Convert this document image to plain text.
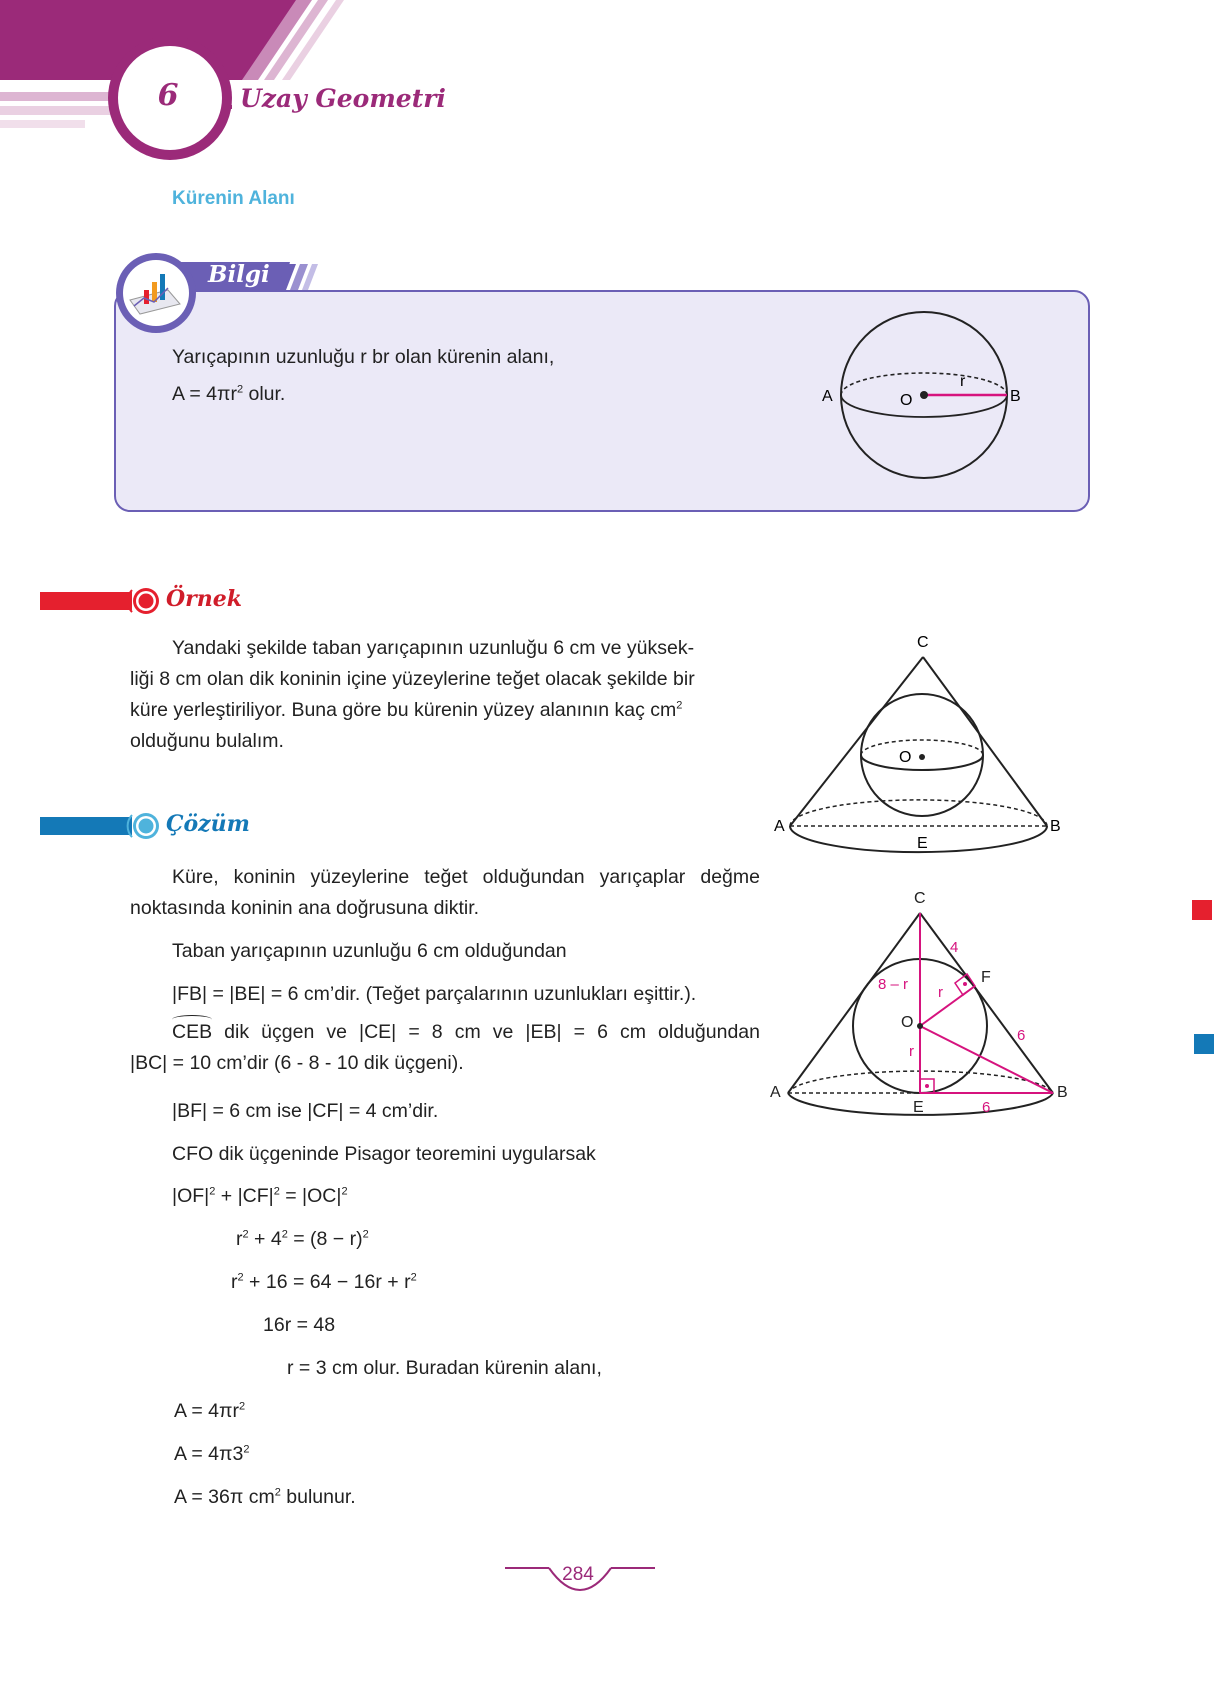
6	Uzay Geometri
Kürenin Alanı
Bilgi
Yarıçapının uzunluğu r br olan kürenin alanı,
$A = 4\pi r^2$ olur.	A	O
r
B
Örnek
Yandaki şekilde taban yarıçapının uzunluğu 6 cm ve yüksek-
liği 8 cm olan dik koninin içine yüzeylerine teğet olacak şekilde bir
küre yerleştiriliyor. Buna göre bu kürenin yüzey alanının kaç $cm^2$
olduğunu bulalım.
C
O
A
E
B
Çözüm
Küre, koninin yüzeylerine teğet olduğundan yarıçaplar değme
noktasında koninin ana doğrusuna diktir.
Taban yarıçapının uzunluğu 6 cm olduğundan
|FB| = |BE| = 6 cm’dir. (Teğet parçalarının uzunlukları eşittir.).
CEB dik üçgen ve |CE| = 8 cm ve |EB| = 6 cm olduğundan
|BC| = 10 cm’dir (6 - 8 - 10 dik üçgeni).
|BF| = 6 cm ise |CF| = 4 cm’dir.
CFO dik üçgeninde Pisagor teoremini uygularsak
$|OF|^2 + |CF|^2 = |OC|^2$
$r^2 + 4^2 = (8 - r)^2$
$r^2 + 16 = 64 - 16r + r^2$
16r = 48
r = 3 cm olur. Buradan kürenin alanı,
$A = 4\pi r^2$
$A = 4\pi 3^2$
A = 36π $cm^2$ bulunur.
C
O
A
E
B
F
4
8 – r r
r
6
6
284
